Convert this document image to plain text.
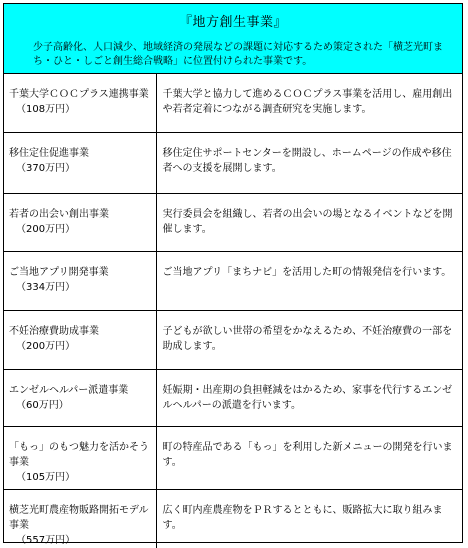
『地方創生事業』
少子高齢化、人口減少、地域経済の発展などの課題に対応するため策定された「横芝光町まち・ひと・しごと創生総合戦略」に位置付けられた事業です。
千葉大学ＣＯＣプラス連携事業
（108万円）	千葉大学と協力して進めるＣＯＣプラス事業を活用し、雇用創出や若者定着につながる調査研究を実施します。
移住定住促進事業
（370万円）	移住定住サポートセンターを開設し、ホームページの作成や移住者への支援を展開します。
若者の出会い創出事業
（200万円）	実行委員会を組織し、若者の出会いの場となるイベントなどを開催します。
ご当地アプリ開発事業
（334万円）	ご当地アプリ「まちナビ」を活用した町の情報発信を行います。
不妊治療費助成事業
（200万円）	子どもが欲しい世帯の希望をかなえるため、不妊治療費の一部を助成します。
エンゼルヘルパー派遣事業
（60万円）	妊娠期・出産期の負担軽減をはかるため、家事を代行するエンゼルヘルパーの派遣を行います。
「もっ」のもつ魅力を活かそう事業
（105万円）	町の特産品である「もっ」を利用した新メニューの開発を行います。
横芝光町農産物販路開拓モデル事業
（557万円）	広く町内産農産物をＰＲするとともに、販路拡大に取り組みます。
